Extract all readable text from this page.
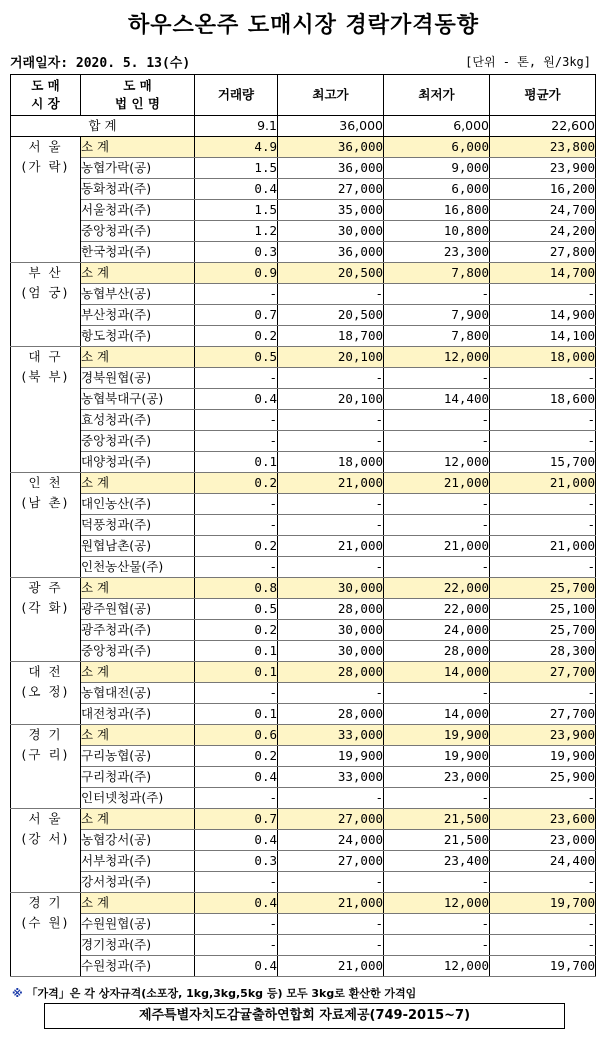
하우스온주 도매시장 경락가격동향
거래일자: 2020. 5. 13(수)	[단위 - 톤, 원/3kg]
도 매
시 장	도 매
법 인 명	거래량	최고가	최저가	평균가
합 계		9.1	36,000	6,000	22,600

서 울
(가 락)	소 계	4.9	36,000	6,000	23,800
	농협가락(공)	1.5	36,000	9,000	23,900
	동화청과(주)	0.4	27,000	6,000	16,200
	서울청과(주)	1.5	35,000	16,800	24,700
	중앙청과(주)	1.2	30,000	10,800	24,200
	한국청과(주)	0.3	36,000	23,300	27,800

부 산
(엄 궁)	소 계	0.9	20,500	7,800	14,700
	농협부산(공)	-	-	-	-
	부산청과(주)	0.7	20,500	7,900	14,900
	항도청과(주)	0.2	18,700	7,800	14,100

대 구
(북 부)	소 계	0.5	20,100	12,000	18,000
	경북원협(공)	-	-	-	-
	농협북대구(공)	0.4	20,100	14,400	18,600
	효성청과(주)	-	-	-	-
	중앙청과(주)	-	-	-	-
	대양청과(주)	0.1	18,000	12,000	15,700

인 천
(남 촌)	소 계	0.2	21,000	21,000	21,000
	대인농산(주)	-	-	-	-
	덕풍청과(주)	-	-	-	-
	원협남촌(공)	0.2	21,000	21,000	21,000
	인천농산물(주)	-	-	-	-

광 주
(각 화)	소 계	0.8	30,000	22,000	25,700
	광주원협(공)	0.5	28,000	22,000	25,100
	광주청과(주)	0.2	30,000	24,000	25,700
	중앙청과(주)	0.1	30,000	28,000	28,300

대 전
(오 정)	소 계	0.1	28,000	14,000	27,700
	농협대전(공)	-	-	-	-
	대전청과(주)	0.1	28,000	14,000	27,700

경 기
(구 리)	소 계	0.6	33,000	19,900	23,900
	구리농협(공)	0.2	19,900	19,900	19,900
	구리청과(주)	0.4	33,000	23,000	25,900
	인터넷청과(주)	-	-	-	-

서 울
(강 서)	소 계	0.7	27,000	21,500	23,600
	농협강서(공)	0.4	24,000	21,500	23,000
	서부청과(주)	0.3	27,000	23,400	24,400
	강서청과(주)	-	-	-	-

경 기
(수 원)	소 계	0.4	21,000	12,000	19,700
	수원원협(공)	-	-	-	-
	경기청과(주)	-	-	-	-
	수원청과(주)	0.4	21,000	12,000	19,700
※ 「가격」은 각 상자규격(소포장, 1kg,3kg,5kg 등) 모두 3kg로 환산한 가격임
제주특별자치도감귤출하연합회 자료제공(749-2015~7)
